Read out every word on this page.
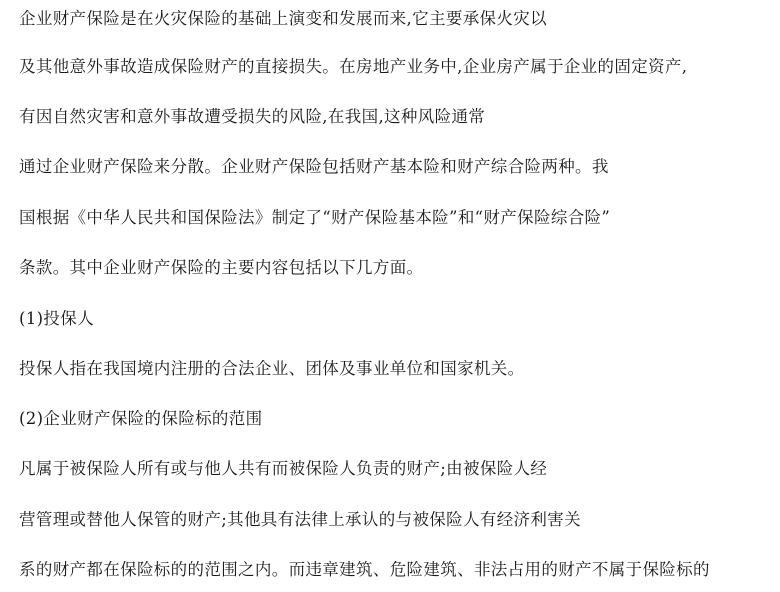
企业财产保险是在火灾保险的基础上演变和发展而来,它主要承保火灾以
及其他意外事故造成保险财产的直接损失。在房地产业务中,企业房产属于企业的固定资产,
有因自然灾害和意外事故遭受损失的风险,在我国,这种风险通常
通过企业财产保险来分散。企业财产保险包括财产基本险和财产综合险两种。我
国根据《中华人民共和国保险法》制定了“财产保险基本险”和“财产保险综合险”
条款。其中企业财产保险的主要内容包括以下几方面。
(1)投保人
投保人指在我国境内注册的合法企业、团体及事业单位和国家机关。
(2)企业财产保险的保险标的范围
凡属于被保险人所有或与他人共有而被保险人负责的财产;由被保险人经
营管理或替他人保管的财产;其他具有法律上承认的与被保险人有经济利害关
系的财产都在保险标的的范围之内。而违章建筑、危险建筑、非法占用的财产不属于保险标的
